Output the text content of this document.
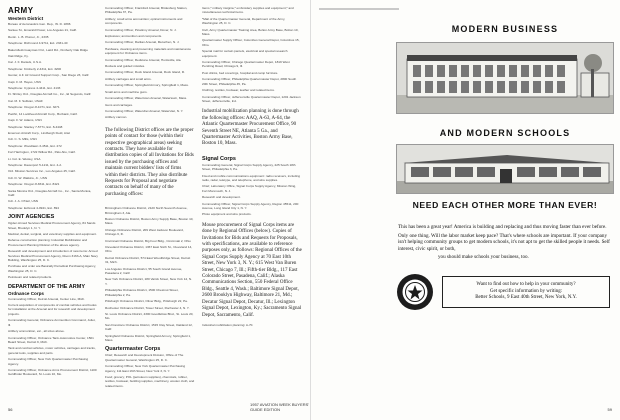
ARMY
Western District
Bureau of Aeronautics Gen. Rep., W. D. 1896
Santee St., Emerald Power, Los Angeles 21, Calif.
Rentn. L. B. Plumer, Jr., 2335
Telephone: Richmond 4-9711, Ext. 2331-40
Bakersfield-Guaymas Ord., Laird Rd., Kimberly Oak Ridge
Oak Ridge, Ky.
Cal. J. F. Daniels, U.S.A.
Telephone: Kimberly 2-4311, Ext. 3200
Gunter, A.F. Air Ground Support Corp., San Diego 23, Calif.
Capt. F. M. Hayes, USN
Telephone: Cypress 4-4411, Ext. 4133
Ft. Shirley Ord., Douglas Aircraft Co., Inc., El Segundo, Calif.
Cat. M. F. Sullivan, USAF
Telephone: Oregon 8-1071, Ext. 3271
Pacific, 14 Lockheed Aircraft Corp., Burbank, Calif.
Capt. F. W. Adams, USN
Telephone: Stanley 7-5771, Ext. 8-4448
Emerson Aircraft Corp., Lindbergh Field, Ariel
Cdr. C. S. Mills, USN
Telephone: Woodlawn 3-4511, Ext. 272
Fort Harrington, 1722 Willow Rd., Palo Alto, Calif.
Lt. Col. E. Wesley, USA
Telephone: Davenport 5-1211, Ext. 4-A
Ord. Mission Services Inc., Los Angeles 45, Calif.
Cdr. D. W. Watkins, Jr., USN
Telephone: Oregon 8-8311, Ext. 8421
Santa Monica Ord., Douglas Aircraft Co., Inc., Santa Monica, Calif.
Cdr. J. A. O'Neil, USN
Telephone: Exbrook 4-0941, Ext. 894
JOINT AGENCIES
Ogden Armed Services Medical Procurement Agency, 84 Sands Street, Brooklyn 1, N. Y.
Medical, dental, surgical, and veterinary supplies and equipment.
Defense construction planning: Industrial Mobilization and Procurement Planning Division of the above agency.
Research and development and introduction of new items: Armed Services Medical Procurement Agency, Room 3163-A, Main Navy Building, Washington 25, D. C.
Purchase and order are Basically Periodical Purchasing Agency, Washington 25, D. C.
Petroleum and related products.
DEPARTMENT OF THE ARMY
Ordnance Corps
Commanding Officer, Detroit Arsenal, Center Line, Mich.
Current acquisition of components of combat vehicles and books for installation at the Arsenal and for research and development projects.
Commanding General, Ordnance Ammunition Command, Joliet, Ill.
Artillery ammunition, etc., all sizes above.
Commanding Officer, Ordnance Tank-Automotive Center, 1501 Beard Street, Detroit 9, Mich.
Tank and combat vehicles, motor vehicles, carriages and tracks, general tools, supplies and parts.
Commanding Officer, New York Quartermaster Purchasing Agency.
Commanding Officer, Ordnance Arms Procurement District, 1100 Goldfinder Boulevard, St. Louis 10, Mo.
Commanding Officer, Frankford Arsenal, Bridesburg Station, Philadelphia 37, Pa.
Artillery; small arms ammunition; optical instruments and components.
Commanding Officer, Picatinny Arsenal, Dover, N. J.
Explosives; ammunition and components.
Commanding Officer, Raritan Arsenal, Metuchen, N. J.
Hardware, cleaning and preserving materials and maintenance equipment for Ordnance items.
Commanding Officer, Redstone Arsenal, Huntsville, Ala.
Rockets and guided missiles.
Commanding Officer, Rock Island Arsenal, Rock Island, Ill.
Artillery carriages and small arms.
Commanding Officer, Springfield Armory, Springfield 1, Mass.
Small arms and machine guns.
Commanding Officer, Watertown Arsenal, Watertown, Mass.
Guns and carriages.
Commanding Officer, Watervliet Arsenal, Watervliet, N. Y.
Artillery cannon.

The following District offices are the proper points of contact for those (within their respective geographical areas) seeking contracts. They have available for distribution copies of all Invitations for Bids issued by the purchasing offices and maintain current bidders' lists of firms within their districts. They also distribute Requests for Proposal and negotiate contracts on behalf of many of the purchasing offices:

Birmingham Ordnance District, 2120 North Seventh Avenue, Birmingham 3, Ala.
Boston Ordnance District, Boston Army Supply Base, Boston 10, Mass.
Chicago Ordnance District, 209 West Jackson Boulevard, Chicago 6, Ill.
Cincinnati Ordnance District, Big Four Bldg., Cincinnati 2, Ohio
Cleveland Ordnance District, 1367 East Sixth St., Cleveland 14, Ohio
Detroit Ordnance District, 574 East Woodbridge Street, Detroit 31, Mich.
Los Angeles Ordnance District, 55 South Grand Avenue, Pasadena 2, Calif.
New York Ordnance District, 180 Varick Street, New York 14, N. Y.
Philadelphia Ordnance District, 1500 Chestnut Street, Philadelphia 2, Pa.
Pittsburgh Ordnance District, Oliver Bldg., Pittsburgh 22, Pa.
Rochester Ordnance District, Tower Street, Rochester 4, N. Y.
St. Louis Ordnance District, 4300 Goodfellow Blvd., St. Louis 20, Mo.
San Francisco Ordnance District, 1515 Clay Street, Oakland 12, Calif.
Springfield Ordnance District, Springfield Armory, Springfield 1, Mass.
Quartermaster Corps
Chief, Research and Development Division, Office of The Quartermaster General, Washington 25, D. C.
Commanding Officer, New York Quartermaster Purchasing Agency, 111 East 16th Street, New York 3, N. Y.
Food; grocery; POL (petroleum supplies), chemicals, rubber, textiles, footwear, building supplies, machinery, woolen cloth, and related items.
Items,* military insignia,* embroidery supplies and equipment,* and miscellaneous technical items.
*Mail of the Quartermaster General, Department of the Army, Washington 25, D. C.
Civil, Army Quartermaster Training Area, Bolton Army Base, Bolton 10, Mass.
Quartermaster Supply Officer, Columbus General Depot, Columbus 15, Ohio.
Special mail for certain parcels, electrical and special research equipment.
Commanding Officer, Chicago Quartermaster Depot, 1819 West Pershing Road, Chicago 9, Ill.
Post drinks, bed coverings, hospital and camp furniture.
Commanding Officer, Philadelphia Quartermaster Depot, 2800 South 20th Street, Philadelphia 45, Pa.
Clothing, textiles, footwear, leather and related items.
Commanding Officer, Jeffersonville Quartermaster Depot, 1201 Jackson Street, Jeffersonville, Ind.

Industrial mobilization planning is done through the following offices: AAQ, A-63, A-64, the Atlantic Quartermaster Procurement Office, 90 Seventh Street NE, Atlanta 5 Ga., and Quartermaster Activities, Boston Army Base, Boston 10, Mass.

Signal Corps
Commanding General, Signal Corps Supply Agency, 225 South 18th Street, Philadelphia 3, Pa.
Fixed and mobile communications equipment: radio receivers, including radio, radar, teletype, and telephone, and wire supplies.
Chief, Laboratory Office, Signal Corps Supply Agency, Mission Wing, Fort Monmouth, N. J.
Research and development.
Commanding Officer, Signal Corps Supply Agency, Region 45511, 200 Avenue, Long Island City 1, N. Y.
Photo equipment and wire products.

Mouse procurement of Signal Corps items are done by Regional Offices (below). Copies of Invitations for Bids and Requests for Proposals, with specifications, are available to reference purposes only, as follows: Regional Offices of the Signal Corps Supply Agency at 70 East 10th Street, New York 3, N. Y.; 615 West Van Buren Street, Chicago 7, Ill.; Fifth-tier Bldg., 117 East Colorado Street, Pasadena, Calif.; Alaska Communications Section, 550 Federal Office Bldg., Seattle 4, Wash.; Baltimore Signal Depot, 2600 Brooklyn Highway, Baltimore 21, Md.; Decatur Signal Depot, Decatur, Ill.; Lexington Signal Depot, Lexington, Ky.; Sacramento Signal Depot, Sacramento, Calif.

Industrial mobilization planning: A-70.
56
1957 AVIATION WEEK BUYERS' GUIDE EDITION
MODERN BUSINESS
AND MODERN SCHOOLS
NEED EACH OTHER MORE THAN EVER!

This has been a great year! America is building and replacing and thus moving faster than ever before.

Only one thing. Will the labor market keep pace? That's where schools are important. If your company isn't helping community groups to get modern schools, it's not apt to get the skilled people it needs. Self interest, civic spirit, or both,

you should make schools your business, too.

Want to find out how to help in your community?
Get specific information by writing:
Better Schools, 9 East 40th Street, New York, N.Y.
59
